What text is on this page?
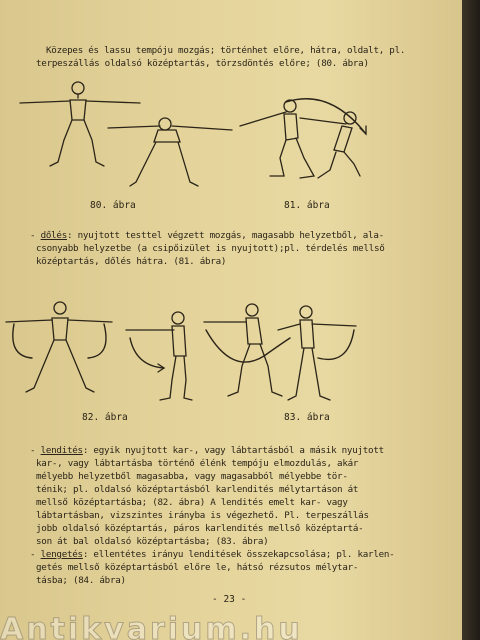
Közepes és lassu tempóju mozgás; történhet előre, hátra, oldalt, pl.
terpeszállás oldalsó középtartás, törzsdöntés előre; (80. ábra)
80. ábra	81. ábra
- dőlés: nyujtott testtel végzett mozgás, magasabb helyzetből, ala-
csonyabb helyzetbe (a csipőizület is nyujtott);pl. térdelés mellső
középtartás, dőlés hátra. (81. ábra)
82. ábra	83. ábra
- lendités: egyik nyujtott kar-, vagy lábtartásból a másik nyujtott
kar-, vagy lábtartásba történő élénk tempóju elmozdulás, akár
mélyebb helyzetből magasabba, vagy magasabból mélyebbe tör-
ténik; pl. oldalsó középtartásból karlendités mélytartáson át
mellső középtartásba; (82. ábra) A lendités emelt kar- vagy
lábtartásban, vizszintes irányba is végezhető. Pl. terpeszállás
jobb oldalsó középtartás, páros karlendités mellső középtartá-
son át bal oldalsó középtartásba; (83. ábra)
- lengetés: ellentétes irányu lenditések összekapcsolása; pl. karlen-
getés mellső középtartásból előre le, hátsó rézsutos mélytar-
tásba; (84. ábra)
- 23 -
Antikvarium.hu
